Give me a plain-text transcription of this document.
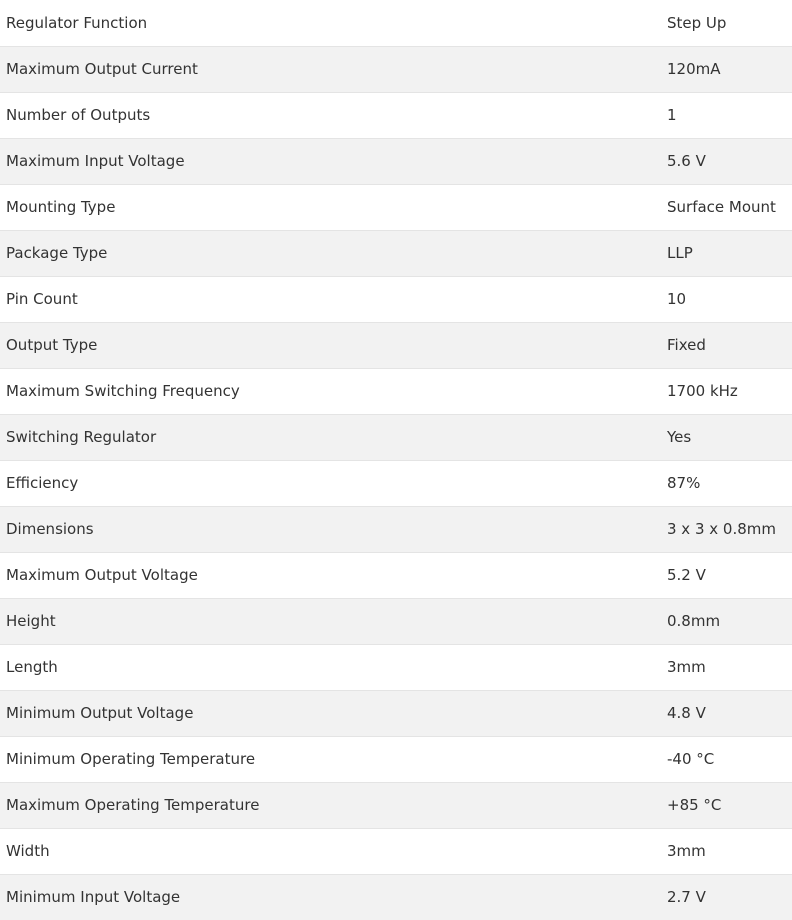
Regulator Function	Step Up
Maximum Output Current	120mA
Number of Outputs	1
Maximum Input Voltage	5.6 V
Mounting Type	Surface Mount
Package Type	LLP
Pin Count	10
Output Type	Fixed
Maximum Switching Frequency	1700 kHz
Switching Regulator	Yes
Efficiency	87%
Dimensions	3 x 3 x 0.8mm
Maximum Output Voltage	5.2 V
Height	0.8mm
Length	3mm
Minimum Output Voltage	4.8 V
Minimum Operating Temperature	-40 °C
Maximum Operating Temperature	+85 °C
Width	3mm
Minimum Input Voltage	2.7 V
